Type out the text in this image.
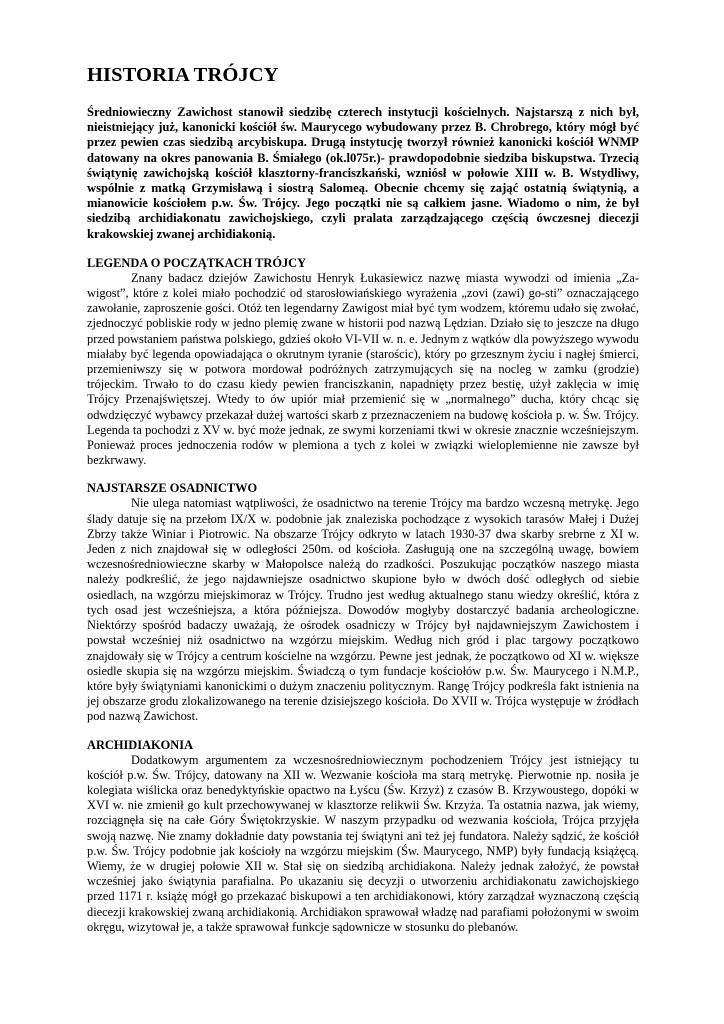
HISTORIA TRÓJCY

Średniowieczny Zawichost stanowił siedzibę czterech instytucji kościelnych. Najstarszą z nich był, nieistniejący już, kanonicki kościół św. Maurycego wybudowany przez B. Chrobrego, który mógł być przez pewien czas siedzibą arcybiskupa. Drugą instytucję tworzył również kanonicki kościół WNMP datowany na okres panowania B. Śmiałego (ok.l075r.)- prawdopodobnie siedziba biskupstwa. Trzecią świątynię zawichojską kościół klasztorny-franciszkański, wzniósł w połowie XIII w. B. Wstydliwy, wspólnie z matką Grzymisławą i siostrą Salomeą. Obecnie chcemy się zająć ostatnią świątynią, a mianowicie kościołem p.w. Św. Trójcy. Jego początki nie są całkiem jasne. Wiadomo o nim, że był siedzibą archidiakonatu zawichojskiego, czyli pralata zarządzającego częścią ówczesnej diecezji krakowskiej zwanej archidiakonią.

LEGENDA O POCZĄTKACH TRÓJCY

Znany badacz dziejów Zawichostu Henryk Łukasiewicz nazwę miasta wywodzi od imienia „Za-wigost”, które z kolei miało pochodzić od starosłowiańskiego wyrażenia „zovi (zawi) go-sti” oznaczającego zawołanie, zaproszenie gości. Otóż ten legendarny Zawigost miał być tym wodzem, któremu udało się zwołać, zjednoczyć pobliskie rody w jedno plemię zwane w historii pod nazwą Lędzian. Działo się to jeszcze na długo przed powstaniem państwa polskiego, gdzieś około VI-VII w. n. e. Jednym z wątków dla powyższego wywodu miałaby być legenda opowiadająca o okrutnym tyranie (starościc), który po grzesznym życiu i nagłej śmierci, przemieniwszy się w potwora mordował podróżnych zatrzymujących się na nocleg w zamku (grodzie) trójeckim. Trwało to do czasu kiedy pewien franciszkanin, napadnięty przez bestię, użył zaklęcia w imię Trójcy Przenajświętszej. Wtedy to ów upiór miał przemienić się w „normalnego” ducha, który chcąc się odwdzięczyć wybawcy przekazał dużej wartości skarb z przeznaczeniem na budowę kościoła p. w. Św. Trójcy. Legenda ta pochodzi z XV w. być może jednak, ze swymi korzeniami tkwi w okresie znacznie wcześniejszym. Ponieważ proces jednoczenia rodów w plemiona a tych z kolei w związki wieloplemienne nie zawsze był bezkrwawy.

NAJSTARSZE OSADNICTWO

Nie ulega natomiast wątpliwości, że osadnictwo na terenie Trójcy ma bardzo wczesną metrykę. Jego ślady datuje się na przełom IX/X w. podobnie jak znaleziska pochodzące z wysokich tarasów Małej i Dużej Zbrzy także Winiar i Piotrowic. Na obszarze Trójcy odkryto w latach 1930-37 dwa skarby srebrne z XI w. Jeden z nich znajdował się w odległości 250m. od kościoła. Zasługują one na szczególną uwagę, bowiem wczesnośredniowieczne skarby w Małopolsce należą do rzadkości. Poszukując początków naszego miasta należy podkreślić, że jego najdawniejsze osadnictwo skupione było w dwóch dość odległych od siebie osiedlach, na wzgórzu miejskimoraz w Trójcy. Trudno jest według aktualnego stanu wiedzy określić, która z tych osad jest wcześniejsza, a która późniejsza. Dowodów mogłyby dostarczyć badania archeologiczne. Niektórzy spośród badaczy uważają, że ośrodek osadniczy w Trójcy był najdawniejszym Zawichostem i powstał wcześniej niż osadnictwo na wzgórzu miejskim. Według nich gród i plac targowy początkowo znajdowały się w Trójcy a centrum kościelne na wzgórzu. Pewne jest jednak, że początkowo od XI w. większe osiedle skupia się na wzgórzu miejskim. Świadczą o tym fundacje kościołów p.w. Św. Maurycego i N.M.P., które były świątyniami kanonickimi o dużym znaczeniu politycznym. Rangę Trójcy podkreśla fakt istnienia na jej obszarze grodu zlokalizowanego na terenie dzisiejszego kościoła. Do XVII w. Trójca występuje w źródłach pod nazwą Zawichost.

ARCHIDIAKONIA

Dodatkowym argumentem za wczesnośredniowiecznym pochodzeniem Trójcy jest istniejący tu kościół p.w. Św. Trójcy, datowany na XII w. Wezwanie kościoła ma starą metrykę. Pierwotnie np. nosiła je kolegiata wiślicka oraz benedyktyńskie opactwo na Łyścu (Św. Krzyż) z czasów B. Krzywoustego, dopóki w XVI w. nie zmienił go kult przechowywanej w klasztorze relikwii Św. Krzyża. Ta ostatnia nazwa, jak wiemy, rozciągnęła się na całe Góry Świętokrzyskie. W naszym przypadku od wezwania kościoła, Trójca przyjęła swoją nazwę. Nie znamy dokładnie daty powstania tej świątyni ani też jej fundatora. Należy sądzić, że kościół p.w. Św. Trójcy podobnie jak kościoły na wzgórzu miejskim (Św. Maurycego, NMP) były fundacją książęcą. Wiemy, że w drugiej połowie XII w. Stał się on siedzibą archidiakona. Należy jednak założyć, że powstał wcześniej jako świątynia parafialna. Po ukazaniu się decyzji o utworzeniu archidiakonatu zawichojskiego przed 1171 r. książę mógł go przekazać biskupowi a ten archidiakonowi, który zarządzał wyznaczoną częścią diecezji krakowskiej zwaną archidiakonią. Archidiakon sprawował władzę nad parafiami położonymi w swoim okręgu, wizytował je, a także sprawował funkcje sądownicze w stosunku do plebanów.
